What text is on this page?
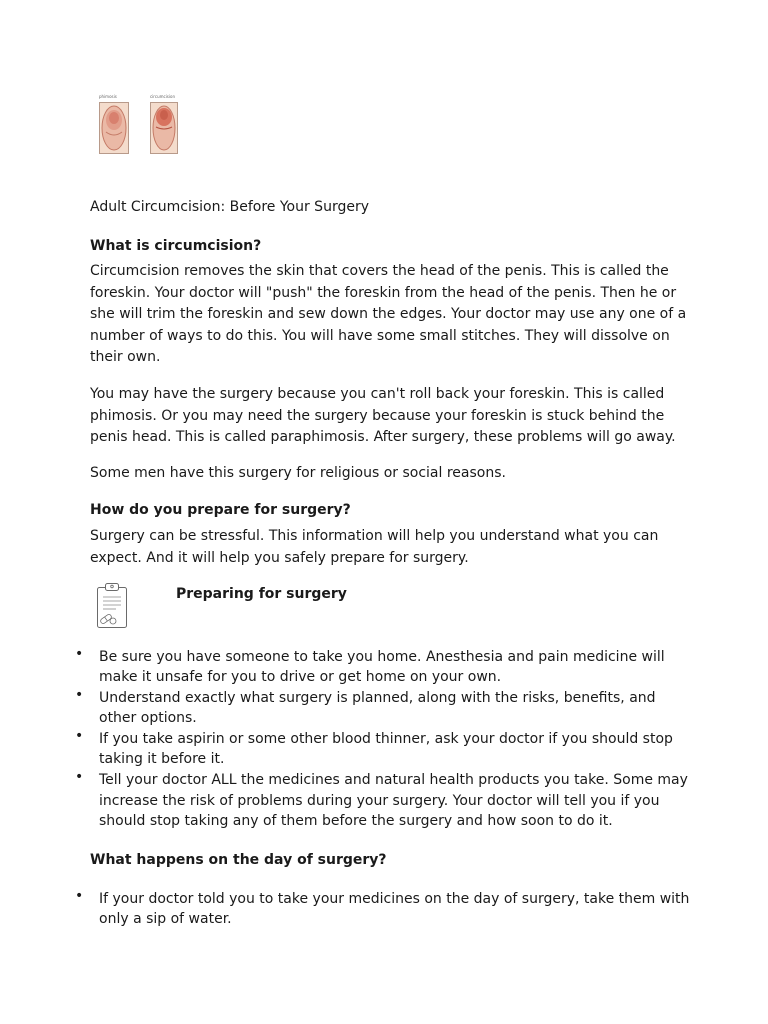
phimosis	circumcision
Adult Circumcision: Before Your Surgery
What is circumcision?

Circumcision removes the skin that covers the head of the penis. This is called the foreskin. Your doctor will "push" the foreskin from the head of the penis. Then he or she will trim the foreskin and sew down the edges. Your doctor may use any one of a number of ways to do this. You will have some small stitches. They will dissolve on their own.

You may have the surgery because you can't roll back your foreskin. This is called phimosis. Or you may need the surgery because your foreskin is stuck behind the penis head. This is called paraphimosis. After surgery, these problems will go away.

Some men have this surgery for religious or social reasons.

How do you prepare for surgery?

Surgery can be stressful. This information will help you understand what you can expect. And it will help you safely prepare for surgery.

Preparing for surgery
• Be sure you have someone to take you home. Anesthesia and pain medicine will make it unsafe for you to drive or get home on your own.
• Understand exactly what surgery is planned, along with the risks, benefits, and other options.
• If you take aspirin or some other blood thinner, ask your doctor if you should stop taking it before it.
• Tell your doctor ALL the medicines and natural health products you take. Some may increase the risk of problems during your surgery. Your doctor will tell you if you should stop taking any of them before the surgery and how soon to do it.
What happens on the day of surgery?
• If your doctor told you to take your medicines on the day of surgery, take them with only a sip of water.
